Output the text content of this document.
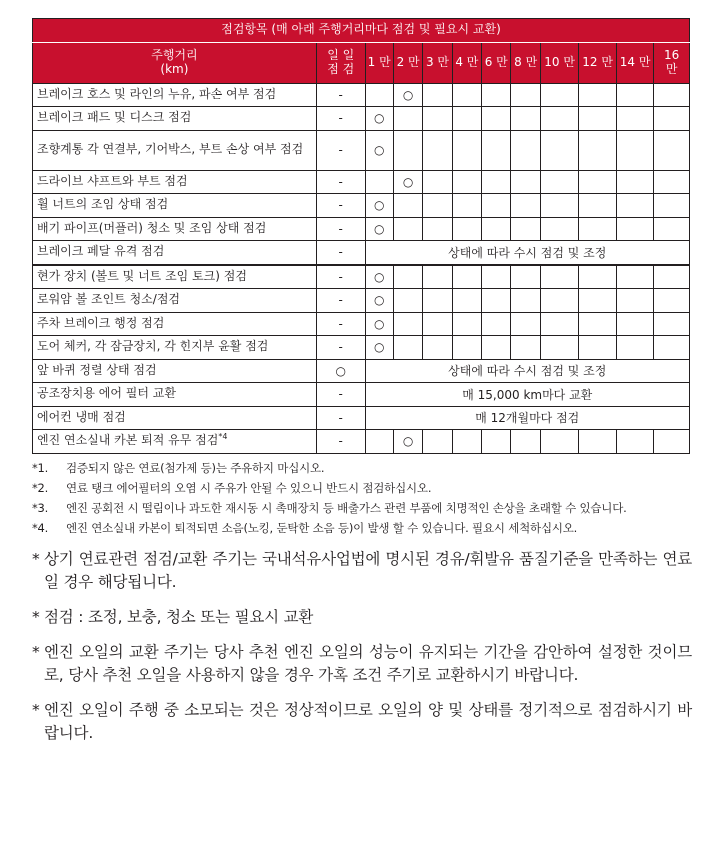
점검항목 (매 아래 주행거리마다 점검 및 필요시 교환)											
주행거리
(km)	일 일
점 검	1 만	2 만	3 만	4 만	6 만	8 만	10 만	12 만	14 만	16 만
브레이크 호스 및 라인의 누유, 파손 여부 점검	-		○								
브레이크 패드 및 디스크 점검	-	○									
조향계통 각 연결부, 기어박스, 부트 손상 여부 점검	-	○									
드라이브 샤프트와 부트 점검	-		○								
휠 너트의 조임 상태 점검	-	○									
배기 파이프(머플러) 청소 및 조임 상태 점검	-	○									
브레이크 페달 유격 점검	-	상태에 따라 수시 점검 및 조정									
현가 장치 (볼트 및 너트 조임 토크) 점검	-	○									
로워암 볼 조인트 청소/점검	-	○									
주차 브레이크 행정 점검	-	○									
도어 체커, 각 잠금장치, 각 힌지부 윤활 점검	-	○									
앞 바퀴 정렬 상태 점검	○	상태에 따라 수시 점검 및 조정									
공조장치용 에어 필터 교환	-	매 15,000 km마다 교환									
에어컨 냉매 점검	-	매 12개월마다 점검									
엔진 연소실내 카본 퇴적 유무 점검$^{*4}$	-		○								
*1. 검증되지 않은 연료(첨가제 등)는 주유하지 마십시오.
*2. 연료 탱크 에어필터의 오염 시 주유가 안될 수 있으니 반드시 점검하십시오.
*3. 엔진 공회전 시 떨림이나 과도한 재시동 시 촉매장치 등 배출가스 관련 부품에 치명적인 손상을 초래할 수 있습니다.
*4. 엔진 연소실내 카본이 퇴적되면 소음(노킹, 둔탁한 소음 등)이 발생 할 수 있습니다. 필요시 세척하십시오.
* 상기 연료관련 점검/교환 주기는 국내석유사업법에 명시된 경유/휘발유 품질기준을 만족하는 연료일 경우 해당됩니다.
* 점검 : 조정, 보충, 청소 또는 필요시 교환
* 엔진 오일의 교환 주기는 당사 추천 엔진 오일의 성능이 유지되는 기간을 감안하여 설정한 것이므로, 당사 추천 오일을 사용하지 않을 경우 가혹 조건 주기로 교환하시기 바랍니다.
* 엔진 오일이 주행 중 소모되는 것은 정상적이므로 오일의 양 및 상태를 정기적으로 점검하시기 바랍니다.
